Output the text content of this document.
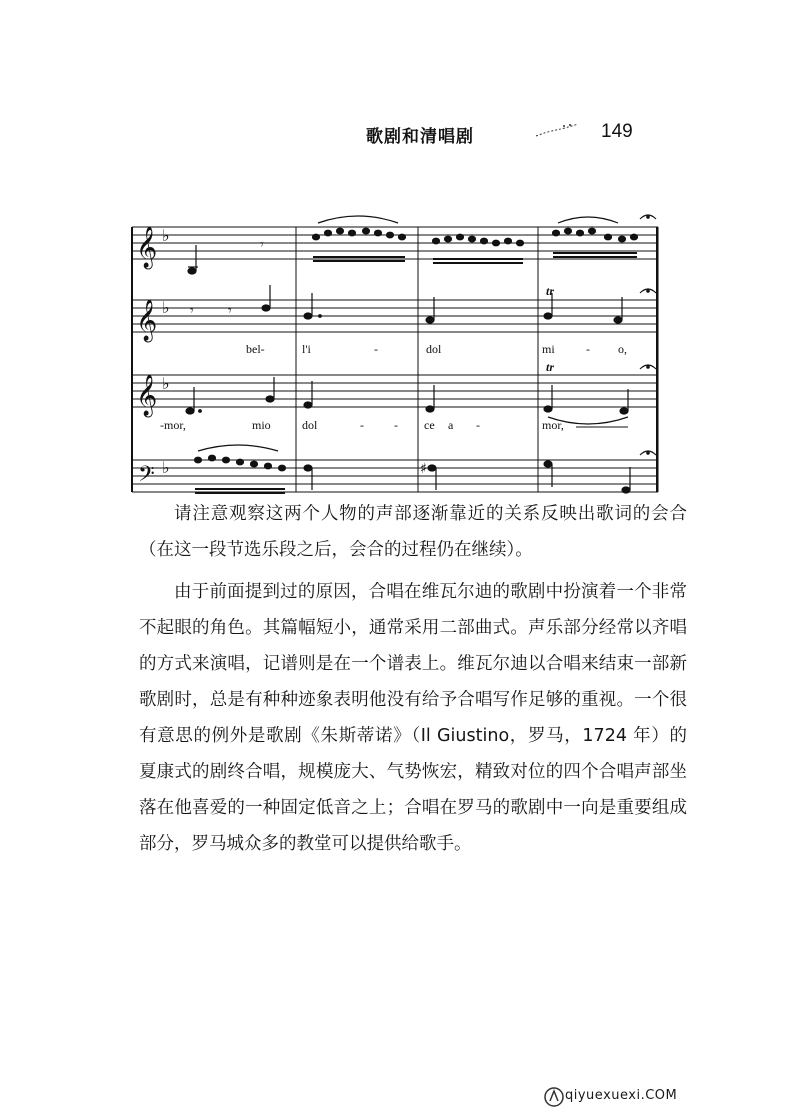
歌剧和清唱剧	149
𝄞
𝄞
𝄞
𝄢
♭
♭
♭
♭
𝄾
𝄾 𝄾
tr
tr
♯
bel-	l'i	-	dol	mi	- o,
-mor,	mio	dol	-	- ce a -	mor,

请注意观察这两个人物的声部逐渐靠近的关系反映出歌词的会合（在这一段节选乐段之后，会合的过程仍在继续）。

由于前面提到过的原因，合唱在维瓦尔迪的歌剧中扮演着一个非常不起眼的角色。其篇幅短小，通常采用二部曲式。声乐部分经常以齐唱的方式来演唱，记谱则是在一个谱表上。维瓦尔迪以合唱来结束一部新歌剧时，总是有种种迹象表明他没有给予合唱写作足够的重视。一个很有意思的例外是歌剧《朱斯蒂诺》（Il Giustino，罗马，1724 年）的夏康式的剧终合唱，规模庞大、气势恢宏，精致对位的四个合唱声部坐落在他喜爱的一种固定低音之上；合唱在罗马的歌剧中一向是重要组成部分，罗马城众多的教堂可以提供给歌手。

qiyuexuexi.COM
